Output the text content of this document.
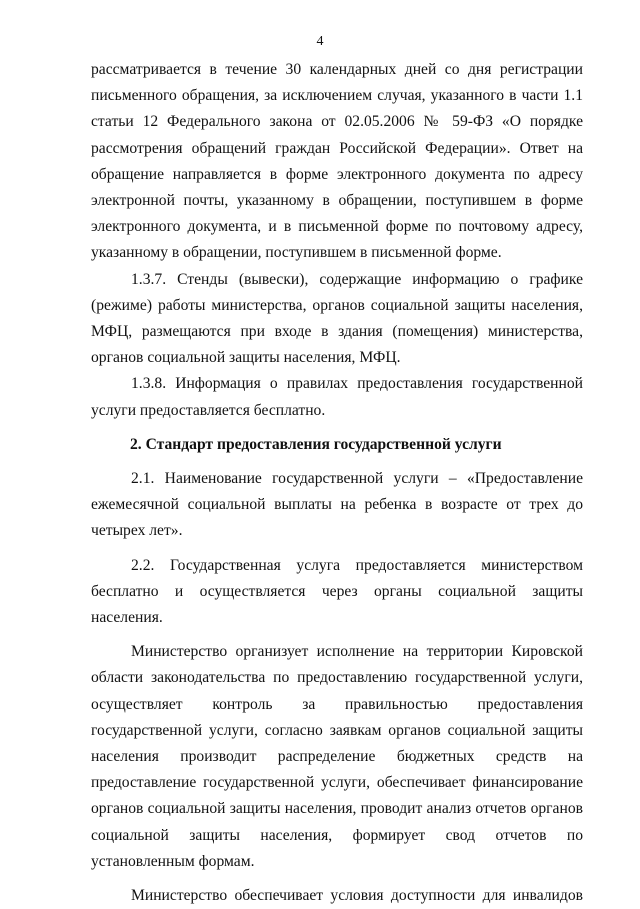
4

рассматривается в течение 30 календарных дней со дня регистрации письменного обращения, за исключением случая, указанного в части 1.1 статьи 12 Федерального закона от 02.05.2006 № 59-ФЗ «О порядке рассмотрения обращений граждан Российской Федерации». Ответ на обращение направляется в форме электронного документа по адресу электронной почты, указанному в обращении, поступившем в форме электронного документа, и в письменной форме по почтовому адресу, указанному в обращении, поступившем в письменной форме.

1.3.7. Стенды (вывески), содержащие информацию о графике (режиме) работы министерства, органов социальной защиты населения, МФЦ, размещаются при входе в здания (помещения) министерства, органов социальной защиты населения, МФЦ.

1.3.8. Информация о правилах предоставления государственной услуги предоставляется бесплатно.

2. Стандарт предоставления государственной услуги

2.1. Наименование государственной услуги – «Предоставление ежемесячной социальной выплаты на ребенка в возрасте от трех до четырех лет».

2.2. Государственная услуга предоставляется министерством бесплатно и осуществляется через органы социальной защиты населения.

Министерство организует исполнение на территории Кировской области законодательства по предоставлению государственной услуги, осуществляет контроль за правильностью предоставления государственной услуги, согласно заявкам органов социальной защиты населения производит распределение бюджетных средств на предоставление государственной услуги, обеспечивает финансирование органов социальной защиты населения, проводит анализ отчетов органов социальной защиты населения, формирует свод отчетов по установленным формам.

Министерство обеспечивает условия доступности для инвалидов
